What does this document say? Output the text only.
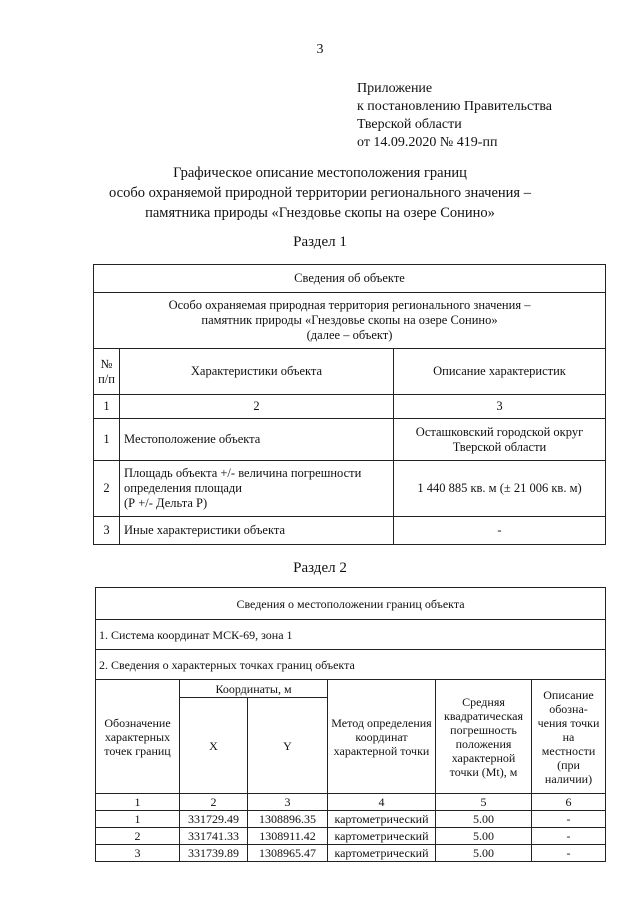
3
Приложение
к постановлению Правительства
Тверской области
от 14.09.2020 № 419-пп
Графическое описание местоположения границ
особо охраняемой природной территории регионального значения –
памятника природы «Гнездовье скопы на озере Сонино»
Раздел 1
Сведения об объекте		

Особо охраняемая природная территория регионального значения –
памятник природы «Гнездовье скопы на озере Сонино»
(далее – объект)		

№ п/п	Характеристики объекта	Описание характеристик
1	2	3
1	Местоположение объекта	Осташковский городской округ
Тверской области

2	Площадь объекта +/- величина погрешности
определения площади
(Р +/- Дельта Р)	1 440 885 кв. м (± 21 006 кв. м)
3	Иные характеристики объекта	-
Раздел 2
Сведения о местоположении границ объекта					
1. Система координат МСК-69, зона 1					
2. Сведения о характерных точках границ объекта					
Обозначение характерных точек границ	Координаты, м		Метод определения координат характерной точки	Средняя квадратическая погрешность положения характерной точки (Mt), м	Описание обозна-чения точки на местности (при наличии)
	X	Y			
1	2	3	4	5	6
1	331729.49	1308896.35	картометрический	5.00	-
2	331741.33	1308911.42	картометрический	5.00	-
3	331739.89	1308965.47	картометрический	5.00	-
